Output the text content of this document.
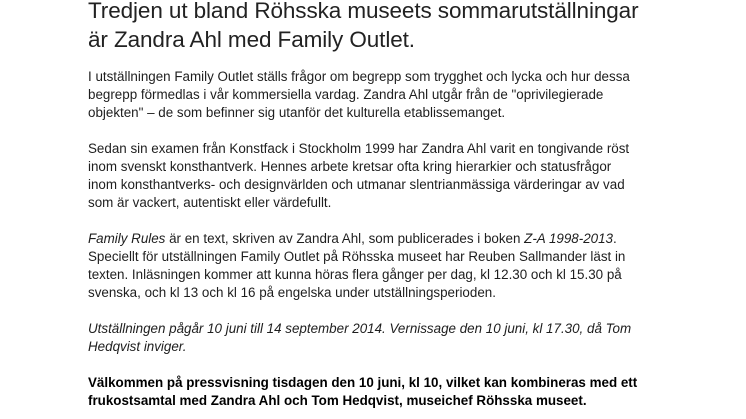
Tredjen ut bland Röhsska museets sommarutställningar
är Zandra Ahl med Family Outlet.

I utställningen Family Outlet ställs frågor om begrepp som trygghet och lycka och hur dessa
begrepp förmedlas i vår kommersiella vardag. Zandra Ahl utgår från de "oprivilegierade
objekten" – de som befinner sig utanför det kulturella etablissemanget.

Sedan sin examen från Konstfack i Stockholm 1999 har Zandra Ahl varit en tongivande röst
inom svenskt konsthantverk. Hennes arbete kretsar ofta kring hierarkier och statusfrågor
inom konsthantverks- och designvärlden och utmanar slentrianmässiga värderingar av vad
som är vackert, autentiskt eller värdefullt.

Family Rules är en text, skriven av Zandra Ahl, som publicerades i boken Z-A 1998-2013.
Speciellt för utställningen Family Outlet på Röhsska museet har Reuben Sallmander läst in
texten. Inläsningen kommer att kunna höras flera gånger per dag, kl 12.30 och kl 15.30 på
svenska, och kl 13 och kl 16 på engelska under utställningsperioden.

Utställningen pågår 10 juni till 14 september 2014. Vernissage den 10 juni, kl 17.30, då Tom
Hedqvist inviger.

Välkommen på pressvisning tisdagen den 10 juni, kl 10, vilket kan kombineras med ett
frukostsamtal med Zandra Ahl och Tom Hedqvist, museichef Röhsska museet.
